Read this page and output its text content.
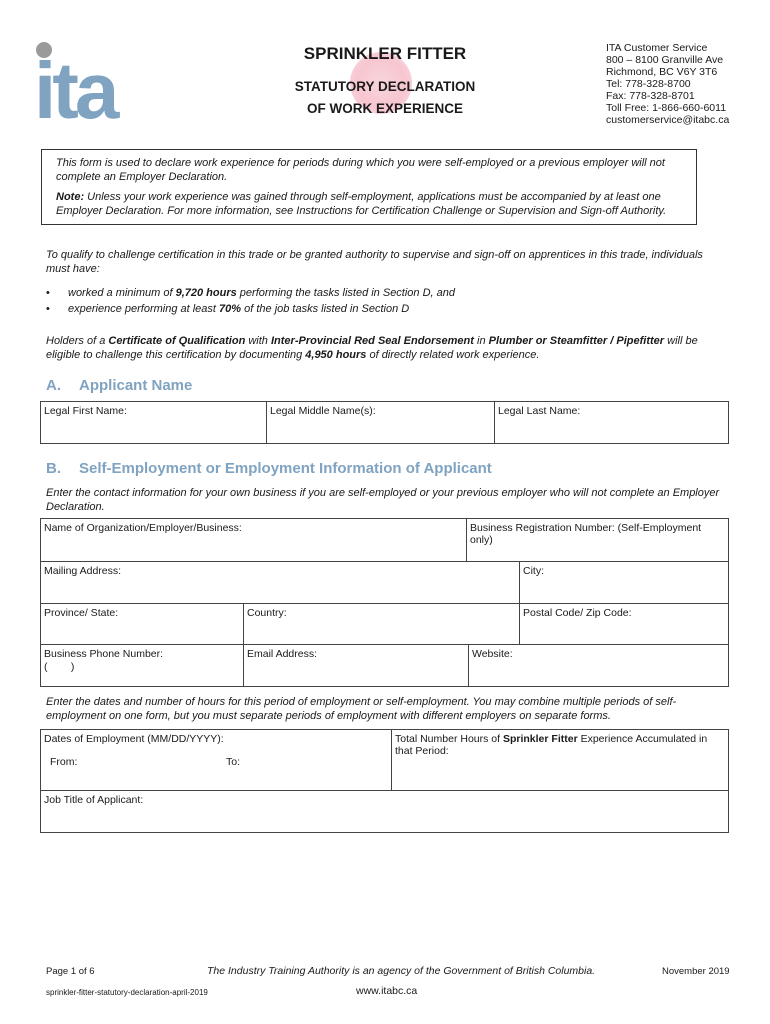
ita	SPRINKLER FITTER
STATUTORY DECLARATION
OF WORK EXPERIENCE
ITA Customer Service
800 – 8100 Granville Ave
Richmond, BC V6Y 3T6
Tel: 778-328-8700
Fax: 778-328-8701
Toll Free: 1-866-660-6011
customerservice@itabc.ca

This form is used to declare work experience for periods during which you were self-employed or a previous employer will not complete an Employer Declaration.

Note: Unless your work experience was gained through self-employment, applications must be accompanied by at least one Employer Declaration. For more information, see Instructions for Certification Challenge or Supervision and Sign-off Authority.

To qualify to challenge certification in this trade or be granted authority to supervise and sign-off on apprentices in this trade, individuals must have:
•	worked a minimum of 9,720 hours performing the tasks listed in Section D, and
•	experience performing at least 70% of the job tasks listed in Section D
Holders of a Certificate of Qualification with Inter-Provincial Red Seal Endorsement in Plumber or Steamfitter / Pipefitter will be eligible to challenge this certification by documenting 4,950 hours of directly related work experience.
A. Applicant Name
Legal First Name:	Legal Middle Name(s):	Legal Last Name:
B. Self-Employment or Employment Information of Applicant
Enter the contact information for your own business if you are self-employed or your previous employer who will not complete an Employer Declaration.
Name of Organization/Employer/Business:	Business Registration Number: (Self-Employment only)
Mailing Address:	City:
Province/ State:	Country:	Postal Code/ Zip Code:
Business Phone Number:
(        )
Email Address:	Website:
Enter the dates and number of hours for this period of employment or self-employment. You may combine multiple periods of self-employment on one form, but you must separate periods of employment with different employers on separate forms.
Dates of Employment (MM/DD/YYYY):
From:	To:
Total Number Hours of Sprinkler Fitter Experience Accumulated in that Period:
Job Title of Applicant:
Page 1 of 6	The Industry Training Authority is an agency of the Government of British Columbia.	November 2019
sprinkler-fitter-statutory-declaration-april-2019	www.itabc.ca
